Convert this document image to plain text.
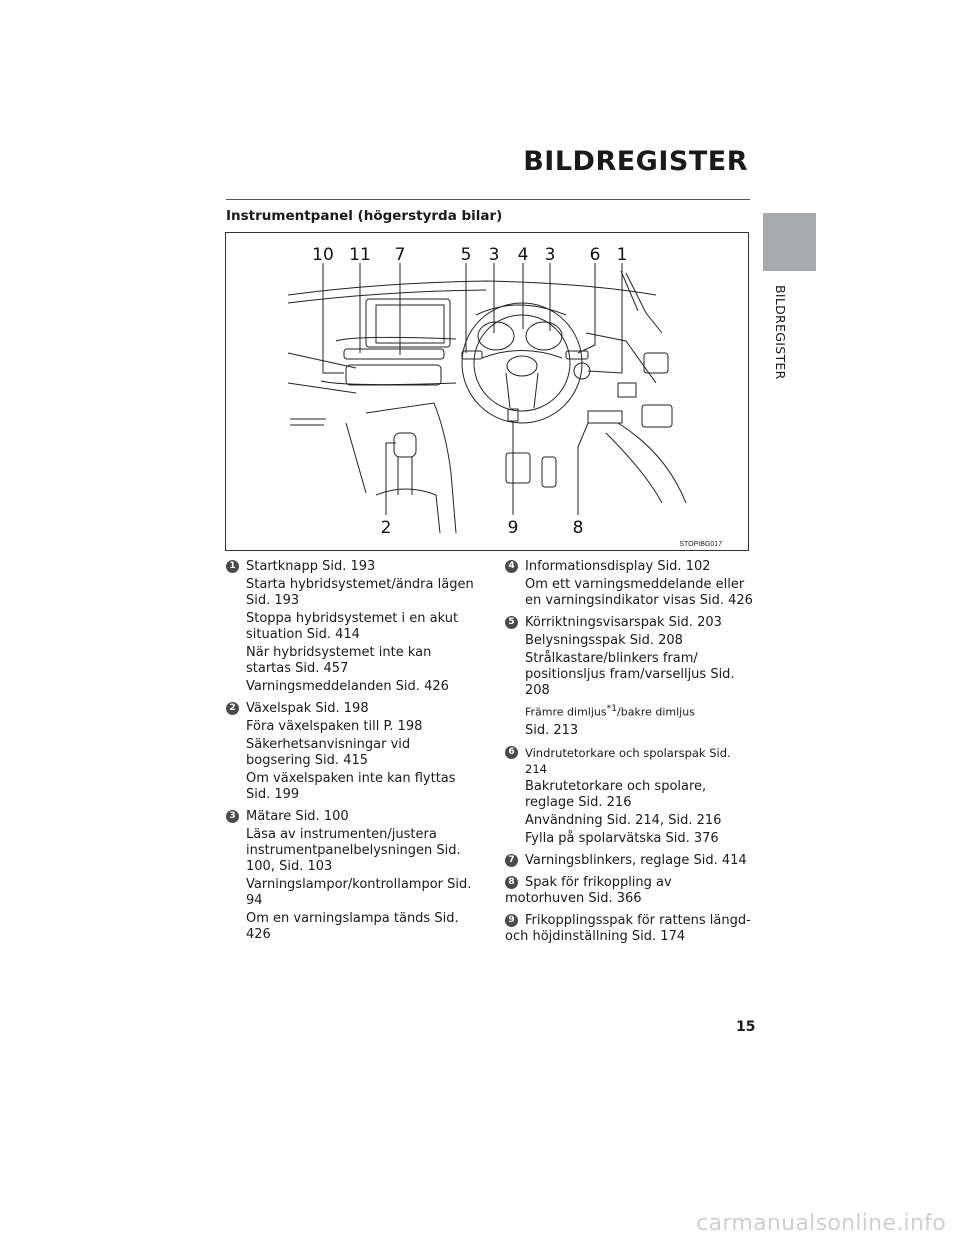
BILDREGISTER
BILDREGISTER
Instrumentpanel (högerstyrda bilar)
10 11 7	5 3 4 3 6 1
2	9	8
STOPIBG017
1 Startknapp Sid. 193
Starta hybridsystemet/ändra lägen Sid. 193
Stoppa hybridsystemet i en akut situation Sid. 414
När hybridsystemet inte kan startas Sid. 457
Varningsmeddelanden Sid. 426
2 Växelspak Sid. 198
Föra växelspaken till P. 198
Säkerhetsanvisningar vid bogsering Sid. 415
Om växelspaken inte kan flyttas Sid. 199
3 Mätare Sid. 100
Läsa av instrumenten/justera instrumentpanelbelysningen Sid. 100, Sid. 103
Varningslampor/kontrollampor Sid. 94
Om en varningslampa tänds Sid. 426
4 Informationsdisplay Sid. 102
Om ett varningsmeddelande eller en varningsindikator visas Sid. 426
5 Körriktningsvisarspak Sid. 203
Belysningsspak Sid. 208
Strålkastare/blinkers fram/ positionsljus fram/varselljus Sid. 208
Främre dimljus$^{*1}$/bakre dimljus
Sid. 213
6 Vindrutetorkare och spolarspak Sid. 214
Bakrutetorkare och spolare, reglage Sid. 216
Användning Sid. 214, Sid. 216
Fylla på spolarvätska Sid. 376
7 Varningsblinkers, reglage Sid. 414
8 Spak för frikoppling av motorhuven Sid. 366
9 Frikopplingsspak för rattens längd- och höjdinställning Sid. 174
15
carmanualsonline.info
